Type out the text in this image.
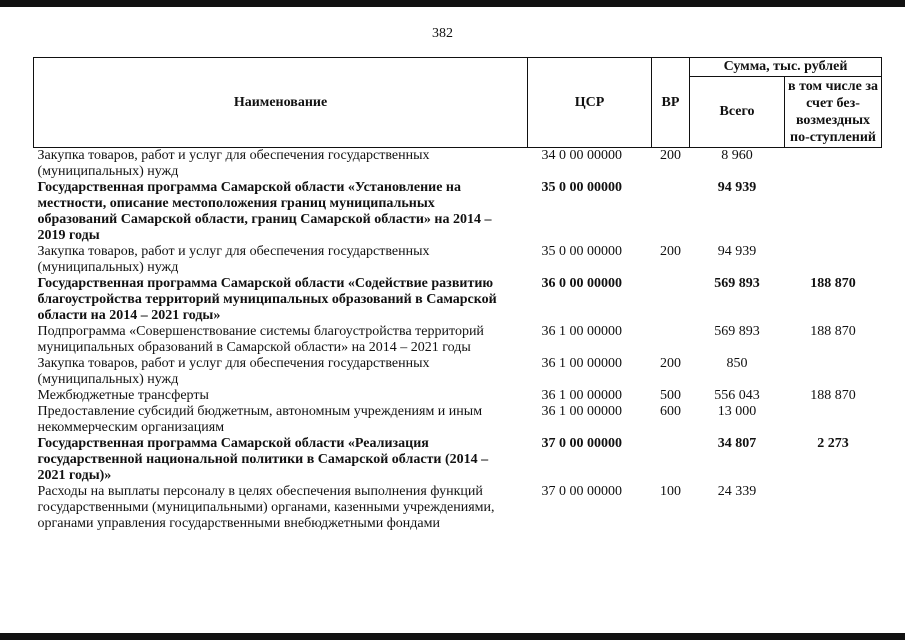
382
Наименование	ЦСР	ВР	Сумма, тыс. рублей	
			Всего	в том числе за счет без-возмездных по-ступлений
Закупка товаров, работ и услуг для обеспечения государственных (муниципальных) нужд	34 0 00 00000	200	8 960	
Государственная программа Самарской области «Установление на местности, описание местоположения границ муниципальных образований Самарской области, границ Самарской области» на 2014 – 2019 годы	35 0 00 00000		94 939	
Закупка товаров, работ и услуг для обеспечения государственных (муниципальных) нужд	35 0 00 00000	200	94 939	
Государственная программа Самарской области «Содействие развитию благоустройства территорий муниципальных образований в Самарской области на 2014 – 2021 годы»	36 0 00 00000		569 893	188 870
Подпрограмма «Совершенствование системы благоустройства территорий муниципальных образований в Самарской области» на 2014 – 2021 годы	36 1 00 00000		569 893	188 870
Закупка товаров, работ и услуг для обеспечения государственных (муниципальных) нужд	36 1 00 00000	200	850	
Межбюджетные трансферты	36 1 00 00000	500	556 043	188 870
Предоставление субсидий бюджетным, автономным учреждениям и иным некоммерческим организациям	36 1 00 00000	600	13 000	
Государственная программа Самарской области «Реализация государственной национальной политики в Самарской области (2014 – 2021 годы)»	37 0 00 00000		34 807	2 273
Расходы на выплаты персоналу в целях обеспечения выполнения функций государственными (муниципальными) органами, казенными учреждениями, органами управления государственными внебюджетными фондами	37 0 00 00000	100	24 339	
